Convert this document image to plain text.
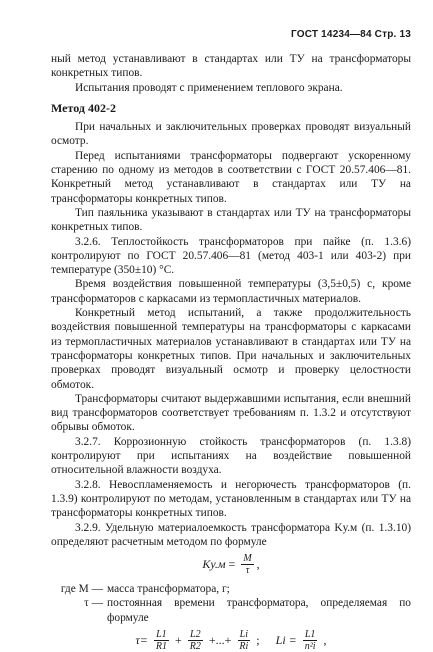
ГОСТ 14234—84 Стр. 13

ный метод устанавливают в стандартах или ТУ на трансформаторы конкретных типов.

Испытания проводят с применением теплового экрана.

Метод 402-2

При начальных и заключительных проверках проводят визуальный осмотр.

Перед испытаниями трансформаторы подвергают ускоренному старению по одному из методов в соответствии с ГОСТ 20.57.406—81. Конкретный метод устанавливают в стандартах или ТУ на трансформаторы конкретных типов.

Тип паяльника указывают в стандартах или ТУ на трансформаторы конкретных типов.

3.2.6. Теплостойкость трансформаторов при пайке (п. 1.3.6) контролируют по ГОСТ 20.57.406—81 (метод 403-1 или 403-2) при температуре (350±10) °С.

Время воздействия повышенной температуры (3,5±0,5) с, кроме трансформаторов с каркасами из термопластичных материалов.

Конкретный метод испытаний, а также продолжительность воздействия повышенной температуры на трансформаторы с каркасами из термопластичных материалов устанавливают в стандартах или ТУ на трансформаторы конкретных типов. При начальных и заключительных проверках проводят визуальный осмотр и проверку целостности обмоток.

Трансформаторы считают выдержавшими испытания, если внешний вид трансформаторов соответствует требованиям п. 1.3.2 и отсутствуют обрывы обмоток.

3.2.7. Коррозионную стойкость трансформаторов (п. 1.3.8) контролируют при испытаниях на воздействие повышенной относительной влажности воздуха.

3.2.8. Невоспламеняемость и негорючесть трансформаторов (п. 1.3.9) контролируют по методам, установленным в стандартах или ТУ на трансформаторы конкретных типов.

3.2.9. Удельную материалоемкость трансформатора Kу.м (п. 1.3.10) определяют расчетным методом по формуле

$Kу.м = \frac{M}{\tau}$ ,
где M — масса трансформатора, г;
τ — постоянная времени трансформатора, определяемая по формуле
$\tau= \frac{L1}{R1} + \frac{L2}{R2}$ +...+ $\frac{Li}{Ri}$ ; $Li = \frac{L1}{\text{n²i}}$ ,
